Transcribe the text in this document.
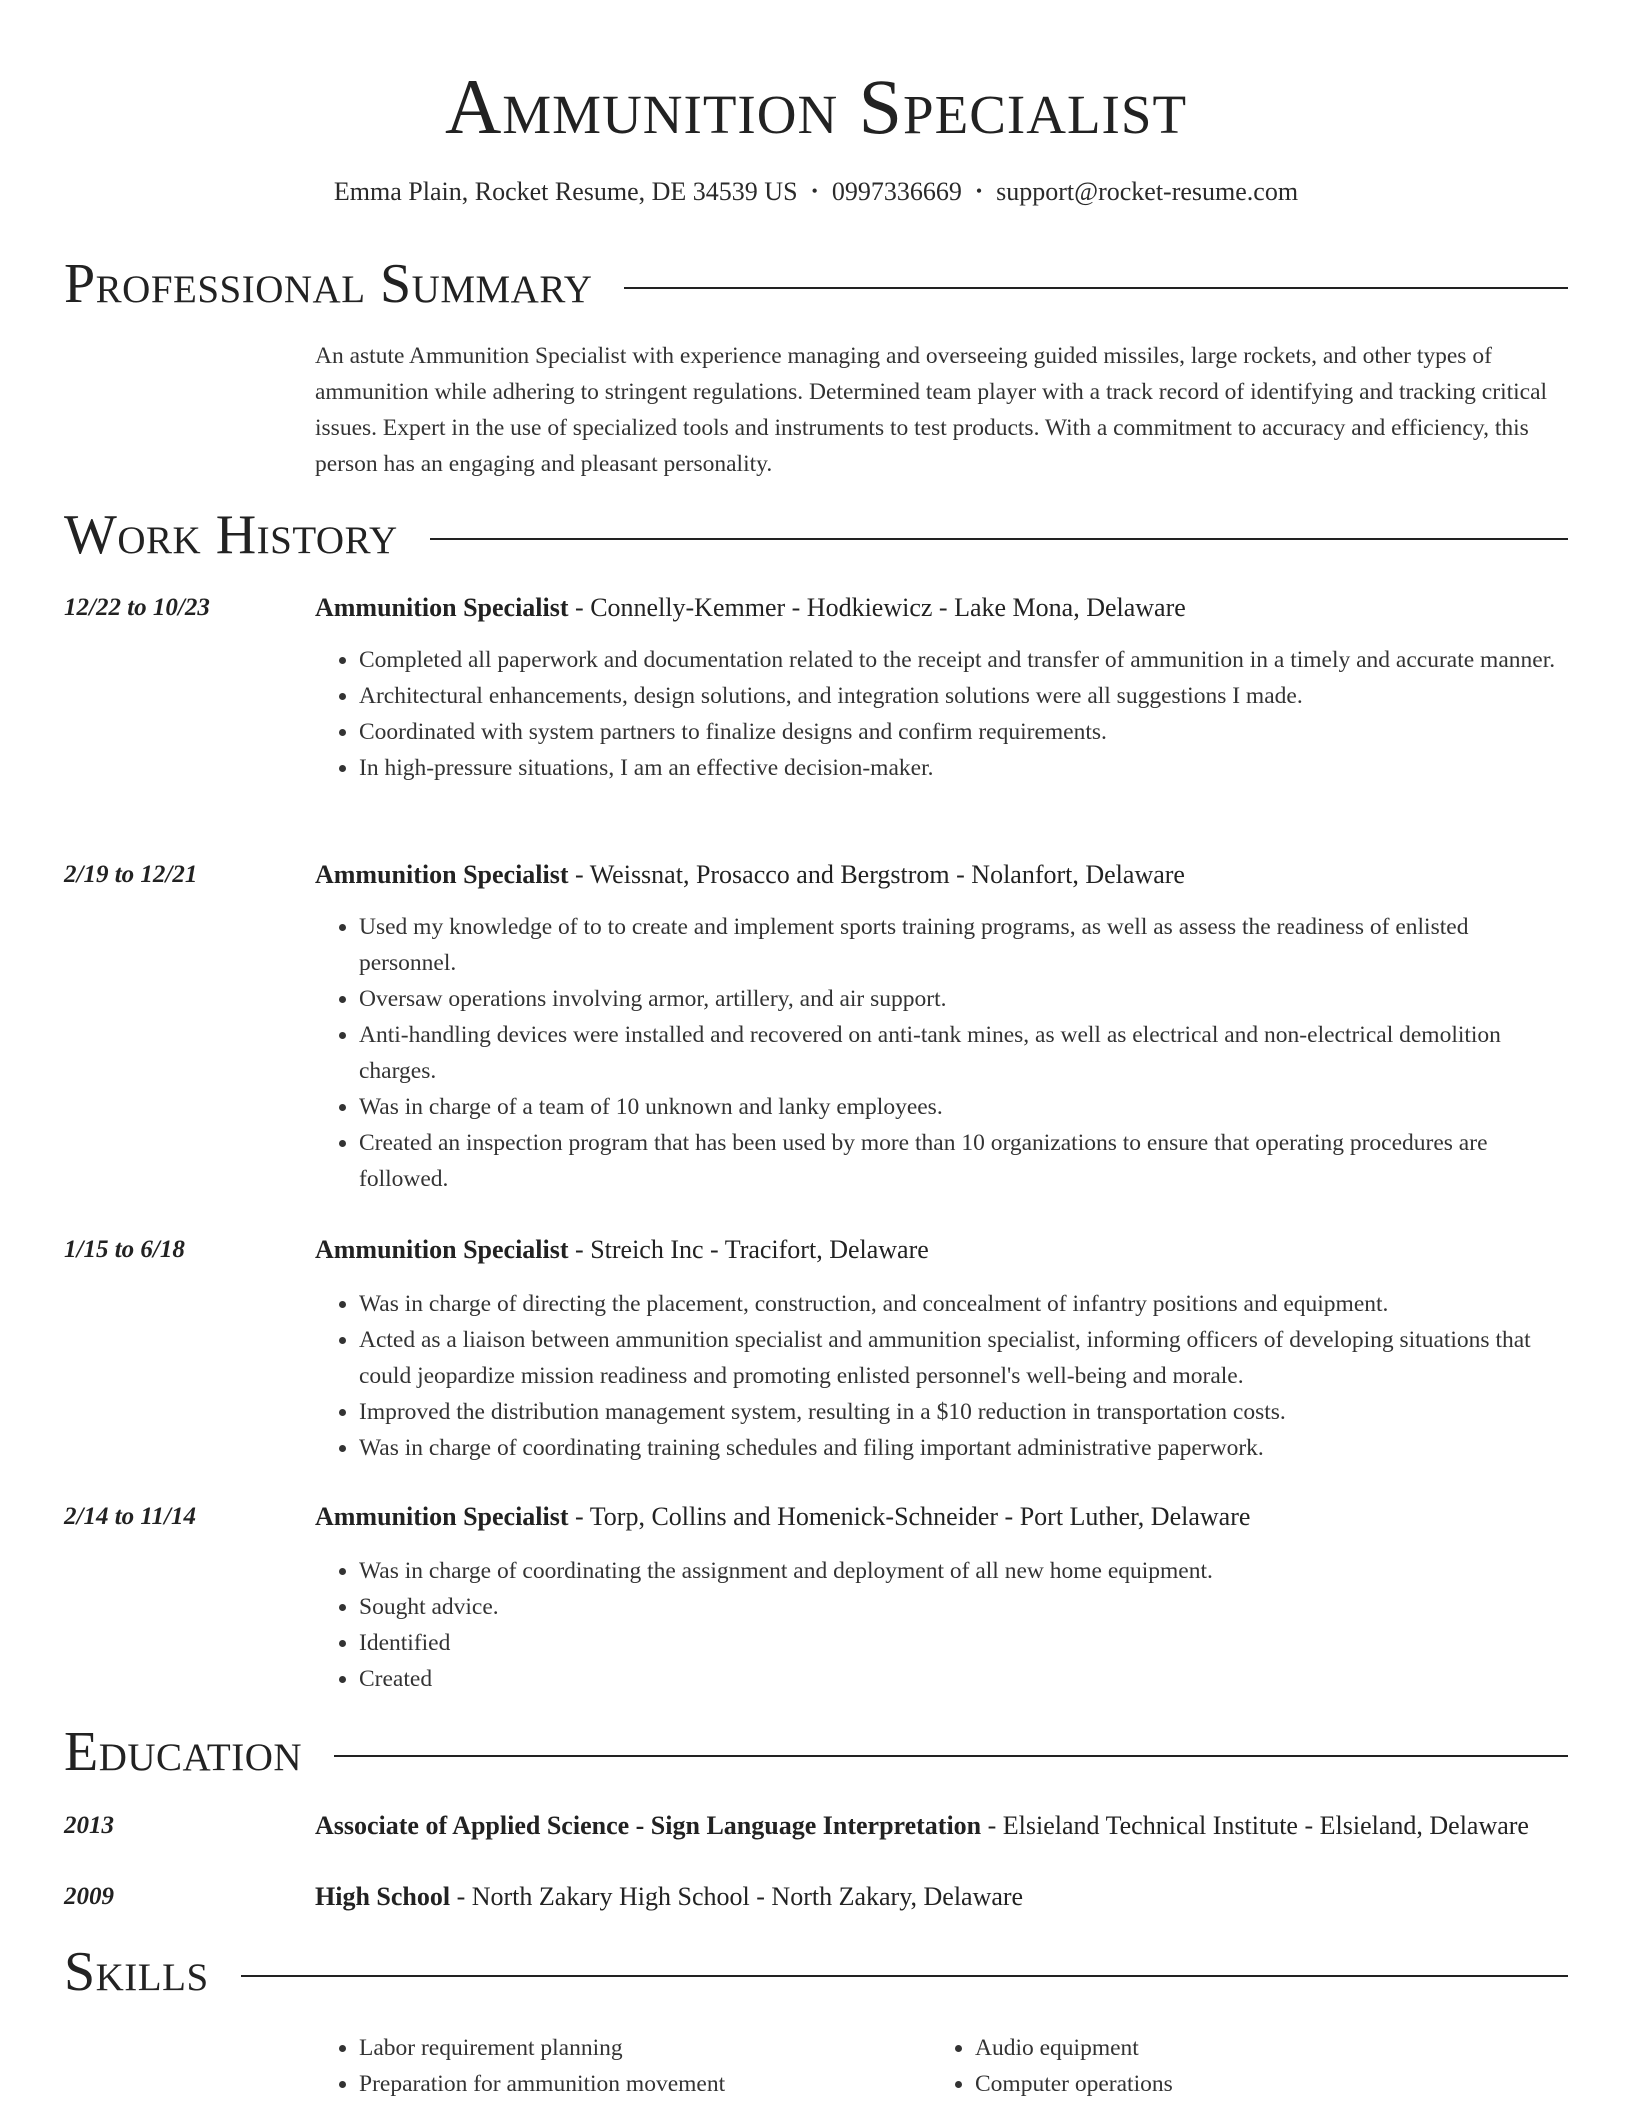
Ammunition Specialist
Emma Plain, Rocket Resume, DE 34539 US • 0997336669 • support@rocket-resume.com
Professional Summary

An astute Ammunition Specialist with experience managing and overseeing guided missiles, large rockets, and other types of ammunition while adhering to stringent regulations. Determined team player with a track record of identifying and tracking critical issues. Expert in the use of specialized tools and instruments to test products. With a commitment to accuracy and efficiency, this person has an engaging and pleasant personality.

Work History
12/22 to 10/23	Ammunition Specialist - Connelly-Kemmer - Hodkiewicz - Lake Mona, Delaware
• Completed all paperwork and documentation related to the receipt and transfer of ammunition in a timely and accurate manner.
• Architectural enhancements, design solutions, and integration solutions were all suggestions I made.
• Coordinated with system partners to finalize designs and confirm requirements.
• In high-pressure situations, I am an effective decision-maker.
2/19 to 12/21	Ammunition Specialist - Weissnat, Prosacco and Bergstrom - Nolanfort, Delaware
• Used my knowledge of to to create and implement sports training programs, as well as assess the readiness of enlisted personnel.
• Oversaw operations involving armor, artillery, and air support.
• Anti-handling devices were installed and recovered on anti-tank mines, as well as electrical and non-electrical demolition charges.
• Was in charge of a team of 10 unknown and lanky employees.
• Created an inspection program that has been used by more than 10 organizations to ensure that operating procedures are followed.
1/15 to 6/18	Ammunition Specialist - Streich Inc - Tracifort, Delaware
• Was in charge of directing the placement, construction, and concealment of infantry positions and equipment.
• Acted as a liaison between ammunition specialist and ammunition specialist, informing officers of developing situations that could jeopardize mission readiness and promoting enlisted personnel's well-being and morale.
• Improved the distribution management system, resulting in a $10 reduction in transportation costs.
• Was in charge of coordinating training schedules and filing important administrative paperwork.
2/14 to 11/14	Ammunition Specialist - Torp, Collins and Homenick-Schneider - Port Luther, Delaware
• Was in charge of coordinating the assignment and deployment of all new home equipment.
• Sought advice.
• Identified
• Created
Education
2013	Associate of Applied Science - Sign Language Interpretation - Elsieland Technical Institute - Elsieland, Delaware
2009	High School - North Zakary High School - North Zakary, Delaware
Skills
• Labor requirement planning
• Preparation for ammunition movement
• Audio equipment
• Computer operations
